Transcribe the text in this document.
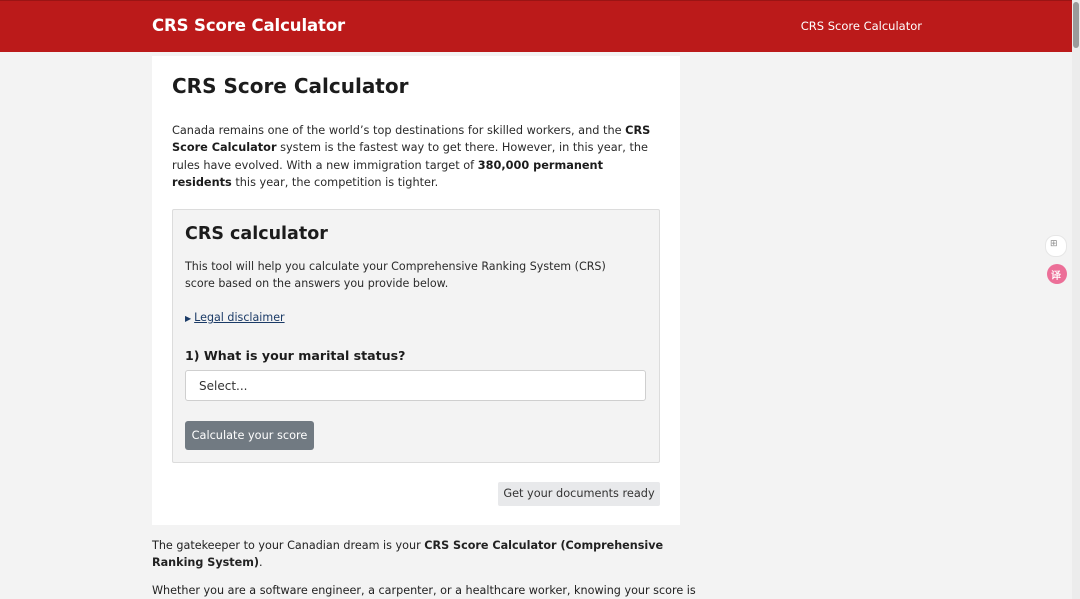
CRS Score Calculator	CRS Score Calculator
CRS Score Calculator
Canada remains one of the world’s top destinations for skilled workers, and the CRS Score Calculator system is the fastest way to get there. However, in this year, the rules have evolved. With a new immigration target of 380,000 permanent residents this year, the competition is tighter.
CRS calculator
This tool will help you calculate your Comprehensive Ranking System (CRS) score based on the answers you provide below.
▶ Legal disclaimer
1) What is your marital status?
Select...
Calculate your score
Get your documents ready
The gatekeeper to your Canadian dream is your CRS Score Calculator (Comprehensive Ranking System).
Whether you are a software engineer, a carpenter, or a healthcare worker, knowing your score is
⊞
译
